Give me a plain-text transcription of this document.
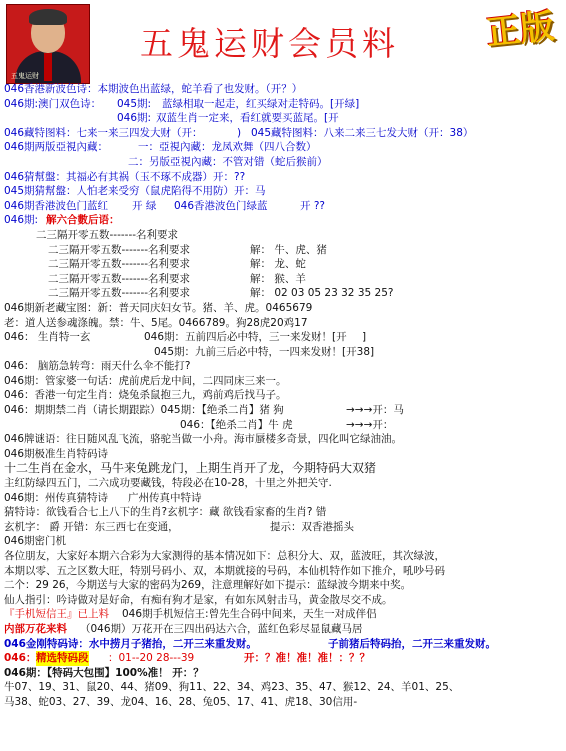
五鬼运财
五鬼运财会员料	正版
046香港新波色诗：本期波色出蓝绿，蛇羊看了也发财。（开？）
046期:澳门双色诗： 045期: 蓝绿相取一起走，红买绿对走特码。[开绿]
046期: 双蓝生肖一定来，看红就要买蓝尾。[开
046藏特图料：七来一来三四发大财（开：	) 045藏特图料：八来二来三七发大财（开：38）
046期两版亞視內藏：	一：亞視內藏：龙凤欢舞（四八合数）
二：另版亞視內藏：不管对错（蛇后猴前）
046猜幫盤：其福必有其祸（玉不琢不成器）开：??
045期猜幫盤：人怕老来受穷（鼠虎陷得不用防）开：马
046期香港波色门蓝红 开 绿 046香港波色门绿蓝	开 ??
046期: 解六合數后语：
二三隔开零五数-------名利要求
二三隔开零五数-------名利要求	解： 牛、虎、猪
二三隔开零五数-------名利要求	解： 龙、蛇
二三隔开零五数-------名利要求	解： 猴、羊
二三隔开零五数-------名利要求	解： 02 03 05 23 32 35 25?
046期新老藏宝图：新：普天同庆妇女节。猪、羊、虎。0465679
老：道人送参魂涤魄。禁：牛、5尾。0466789。狗28虎20鸡17
046： 生肖特一玄	046期：五前四后必中特，三一来发财！[开 ]
045期：九前三后必中特，一四来发财！[开38]
046： 脑筋急转弯：雨天什么伞不能打?
046期：管家婆一句话：虎前虎后龙中间，二四同床三来一。
046：香港一句定生肖：烧兔杀鼠抱三九，鸡前鸡后找马子。
046：期期禁二肖（请长期跟踪）045期：【绝杀二肖】猪 狗	→→→开：马
046：【绝杀二肖】牛 虎	→→→开：
046牌谜语：往日随风乱飞流，骆驼当做一小舟。海市蜃楼多奇景，四化叫它绿油油。
046期极准生肖特码诗
十二生肖在金水，马牛来兔跳龙门，上期生肖开了龙，今期特码大双猪
主红防绿四五门，二六成功要藏钱，特段必在10-28，十里之外把关守.
046期：州传真猜特诗 广州传真中特诗
猜特诗：欲钱看合七上八下的生肖?玄机字：藏 欲钱看家畜的生肖? 错
玄机字： 爵 开错：东三西七在变通，	提示：双香港摇头
046期密门机
各位朋友，大家好本期六合彩为大家测得的基本情况如下：总积分大、双，蓝波旺，其次绿波，
本期以零、五之区数大旺，特别号码小、双，本期就接的号码，本仙机特作如下推介，吼吵号码
二个：29 26，今期送与大家的密码为269，注意理解好如下提示：蓝绿波今期来中奖。
仙人指引：吟诗做对是好命，有痴有狗才是家，有如东风射击马，黄金散尽交不成。
『手机短信王』已上料 046期手机短信王:曾先生合码中间来，天生一对成伴侣
内部万花来料 （046期）万花开在三四出码达六合，蓝红色彩尽显鼠藏马居
046金刚特码诗：水中捞月子猪抬，二开三来重发财。	子前猪后特码抬，二开三来重发财。
046： 精选特码段 ：01--20 28---39	开：？准！准！准！：？？
046期：【特码大包围】100%准！ 开：？
牛07、19、31、鼠20、44、猪09、狗11、22、34、鸡23、35、47、猴12、24、羊01、25、
马38、蛇03、27、39、龙04、16、28、兔05、17、41、虎18、30信用-
